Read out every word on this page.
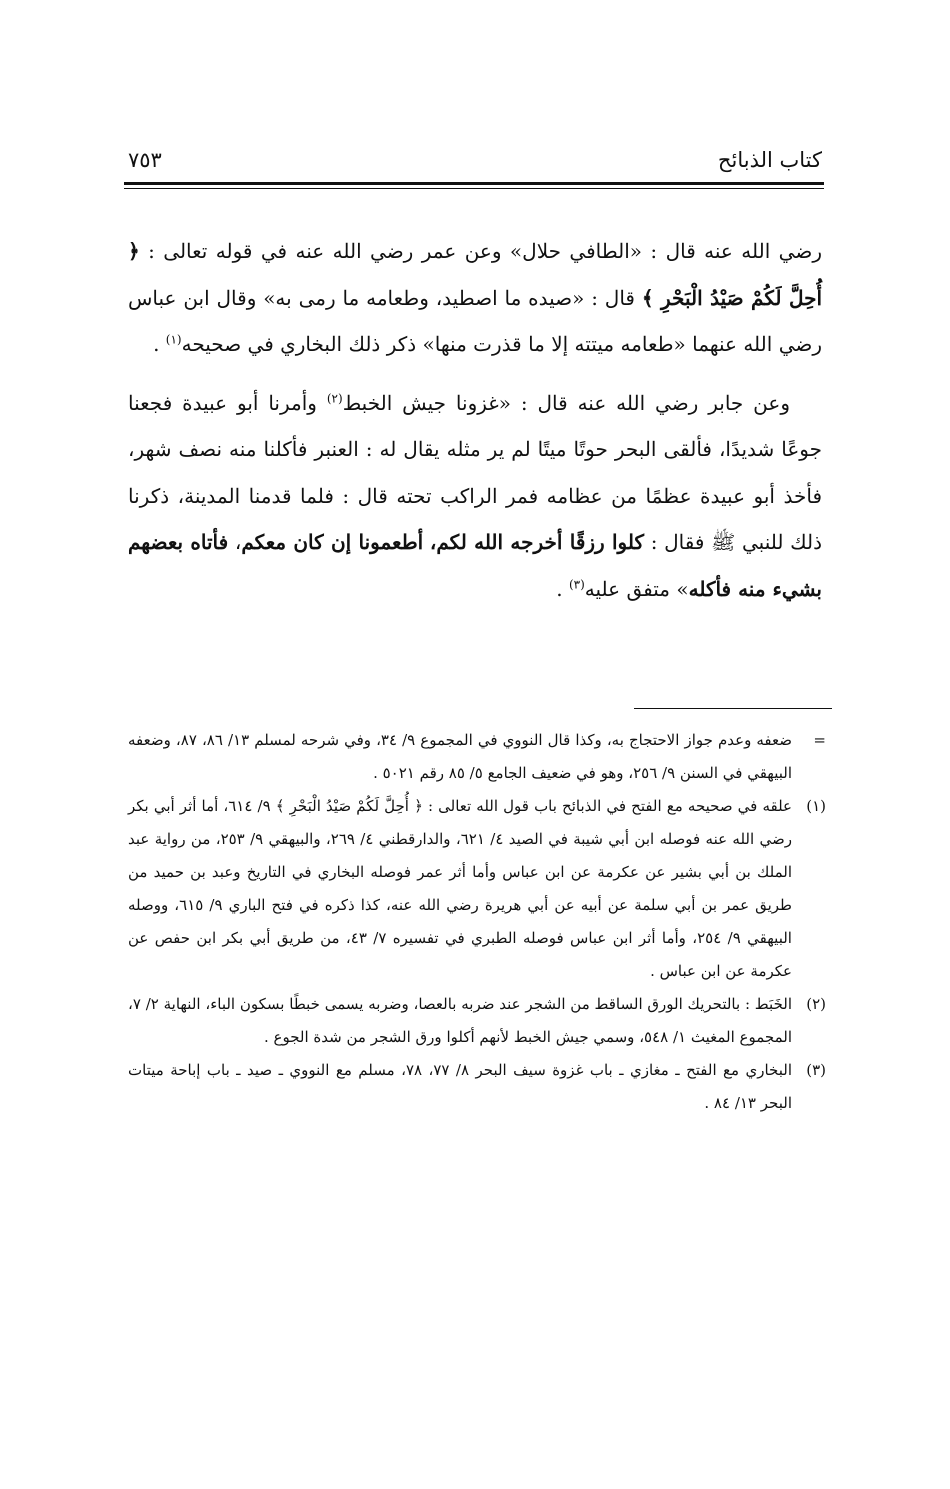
كتاب الذبائح
٧٥٣

رضي الله عنه قال : «الطافي حلال» وعن عمر رضي الله عنه في قوله تعالى : ﴿ أُحِلَّ لَكُمْ صَيْدُ الْبَحْرِ ﴾ قال : «صيده ما اصطيد، وطعامه ما رمى به» وقال ابن عباس رضي الله عنهما «طعامه ميتته إلا ما قذرت منها» ذكر ذلك البخاري في صحيحه$^{(١)}$ .

وعن جابر رضي الله عنه قال : «غزونا جيش الخبط$^{(٢)}$ وأمرنا أبو عبيدة فجعنا جوعًا شديدًا، فألقى البحر حوتًا ميتًا لم ير مثله يقال له : العنبر فأكلنا منه نصف شهر، فأخذ أبو عبيدة عظمًا من عظامه فمر الراكب تحته قال : فلما قدمنا المدينة، ذكرنا ذلك للنبي ﷺ فقال : كلوا رزقًا أخرجه الله لكم، أطعمونا إن كان معكم، فأتاه بعضهم بشيء منه فأكله» متفق عليه$^{(٣)}$ .

=
ضعفه وعدم جواز الاحتجاج به، وكذا قال النووي في المجموع ٩/ ٣٤، وفي شرحه لمسلم ١٣/ ٨٦، ٨٧، وضعفه البيهقي في السنن ٩/ ٢٥٦، وهو في ضعيف الجامع ٥/ ٨٥ رقم ٥٠٢١ .
(١)
علقه في صحيحه مع الفتح في الذبائح باب قول الله تعالى : ﴿ أُحِلَّ لَكُمْ صَيْدُ الْبَحْرِ ﴾ ٩/ ٦١٤، أما أثر أبي بكر رضي الله عنه فوصله ابن أبي شيبة في الصيد ٤/ ٦٢١، والدارقطني ٤/ ٢٦٩، والبيهقي ٩/ ٢٥٣، من رواية عبد الملك بن أبي بشير عن عكرمة عن ابن عباس وأما أثر عمر فوصله البخاري في التاريخ وعبد بن حميد من طريق عمر بن أبي سلمة عن أبيه عن أبي هريرة رضي الله عنه، كذا ذكره في فتح الباري ٩/ ٦١٥، ووصله البيهقي ٩/ ٢٥٤، وأما أثر ابن عباس فوصله الطبري في تفسيره ٧/ ٤٣، من طريق أبي بكر ابن حفص عن عكرمة عن ابن عباس .
(٢)
الخَبَط : بالتحريك الورق الساقط من الشجر عند ضربه بالعصا، وضربه يسمى خبطًا بسكون الباء، النهاية ٢/ ٧، المجموع المغيث ١/ ٥٤٨، وسمي جيش الخبط لأنهم أكلوا ورق الشجر من شدة الجوع .
(٣)
البخاري مع الفتح ـ مغازي ـ باب غزوة سيف البحر ٨/ ٧٧، ٧٨، مسلم مع النووي ـ صيد ـ باب إباحة ميتات البحر ١٣/ ٨٤ .
